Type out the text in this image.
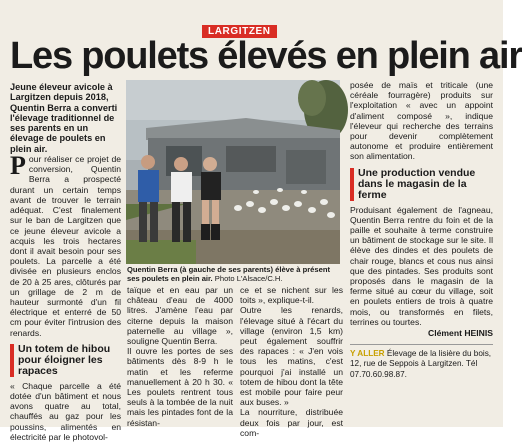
LARGITZEN
Les poulets élevés en plein air

Jeune éleveur avicole à Largitzen depuis 2018, Quentin Berra a converti l'élevage traditionnel de ses parents en un élevage de poulets en plein air.

Pour réaliser ce projet de conversion, Quentin Berra a prospecté durant un certain temps avant de trouver le terrain adéquat. C'est finalement sur le ban de Largitzen que ce jeune éleveur avicole a acquis les trois hectares dont il avait besoin pour ses poulets. La parcelle a été divisée en plusieurs enclos de 20 à 25 ares, clôturés par un grillage de 2 m de hauteur surmonté d'un fil électrique et enterré de 50 cm pour éviter l'intrusion des renards.

Un totem de hibou pour éloigner les rapaces

« Chaque parcelle a été dotée d'un bâtiment et nous avons quatre au total, chauffés au gaz pour les poussins, alimentés en électricité par le photovol-

Quentin Berra (à gauche de ses parents) élève à présent ses poulets en plein air. Photo L'Alsace/C.H.

taïque et en eau par un château d'eau de 4000 litres. J'amène l'eau par citerne depuis la maison paternelle au village », souligne Quentin Berra.

Il ouvre les portes de ses bâtiments dès 8-9 h le matin et les referme manuellement à 20 h 30. « Les poulets rentrent tous seuls à la tombée de la nuit mais les pintades font de la résistan-

ce et se nichent sur les toits », explique-t-il.

Outre les renards, l'élevage situé à l'écart du village (environ 1,5 km) peut également souffrir des rapaces : « J'en vois tous les matins, c'est pourquoi j'ai installé un totem de hibou dont la tête est mobile pour faire peur aux buses. »

La nourriture, distribuée deux fois par jour, est com-

posée de maïs et triticale (une céréale fourragère) produits sur l'exploitation « avec un appoint d'aliment composé », indique l'éleveur qui recherche des terrains pour devenir complètement autonome et produire entièrement son alimentation.

Une production vendue dans le magasin de la ferme

Produisant également de l'agneau, Quentin Berra rentre du foin et de la paille et souhaite à terme construire un bâtiment de stockage sur le site. Il élève des dindes et des poulets de chair rouge, blancs et cous nus ainsi que des pintades. Ses produits sont proposés dans le magasin de la ferme situé au cœur du village, soit en poulets entiers de trois à quatre mois, ou transformés en filets, terrines ou tourtes.

Clément HEINIS
Y ALLER Élevage de la lisière du bois, 12, rue de Seppois à Largitzen. Tél 07.70.60.98.87.
